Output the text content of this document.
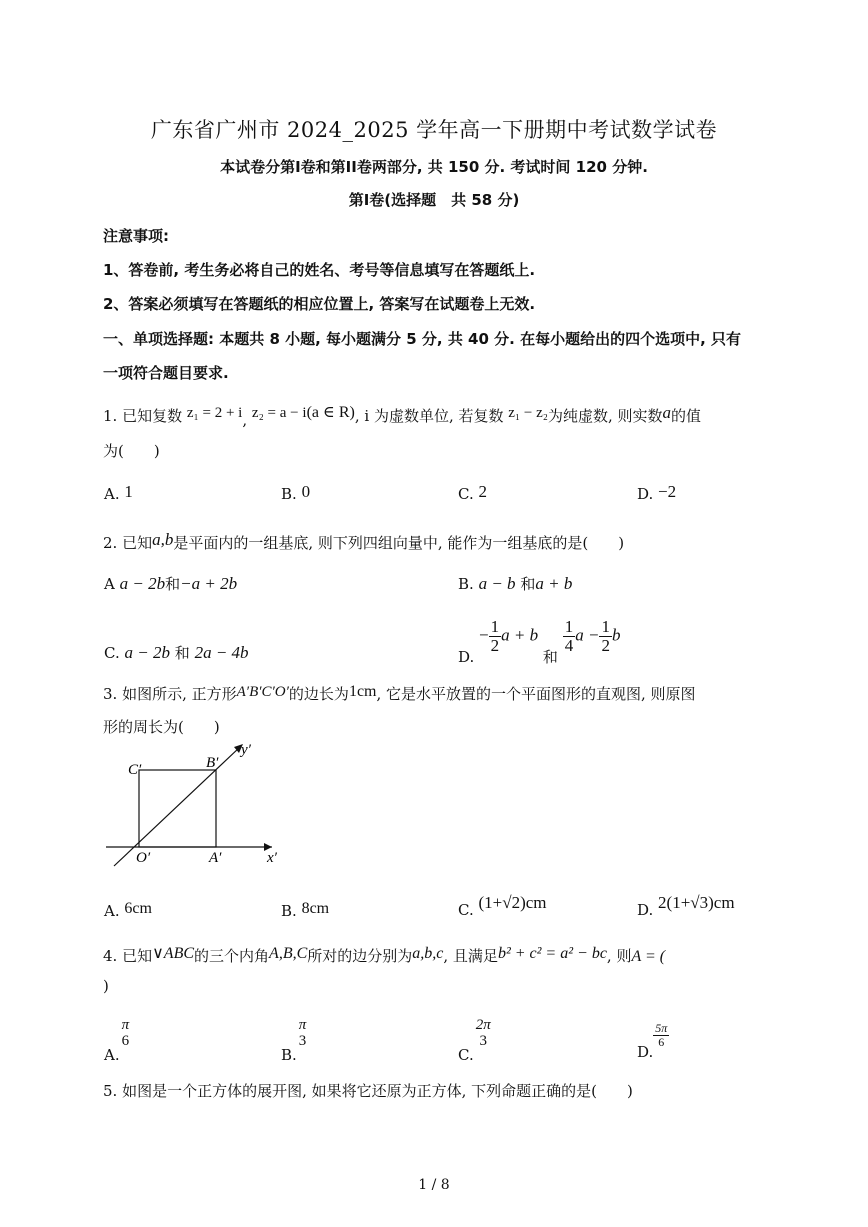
广东省广州市 2024_2025 学年高一下册期中考试数学试卷
本试卷分第I卷和第II卷两部分, 共 150 分. 考试时间 120 分钟.
第I卷(选择题　共 58 分)
注意事项:
1、答卷前, 考生务必将自己的姓名、考号等信息填写在答题纸上.
2、答案必须填写在答题纸的相应位置上, 答案写在试题卷上无效.
一、单项选择题: 本题共 8 小题, 每小题满分 5 分, 共 40 分. 在每小题给出的四个选项中, 只有
一项符合题目要求.
1. 已知复数 z₁ = 2 + i, z₂ = a − i(a ∈ R), i 为虚数单位, 若复数 z₁ − z₂为纯虚数, 则实数a的值
为(　　)
A. 1	B. 0	C. 2	D. −2
2. 已知a,b是平面内的一组基底, 则下列四组向量中, 能作为一组基底的是(　　)
A a − 2b和−a + 2b	B. a − b 和a + b
C. a − 2b 和 2a − 4b	D. − $\frac{1}{2}$ a + b 和
$\frac{1}{4}$ $a - \frac{1}{2}$ b
3. 如图所示, 正方形A′B′C′O′的边长为1cm, 它是水平放置的一个平面图形的直观图, 则原图
形的周长为(　　)
C′	B′
O′	A′	x′
y′
A. 6cm	B. 8cm	C. (1+√2)cm	D. 2(1+√3)cm
4. 已知∨ABC的三个内角A,B,C所对的边分别为a,b,c, 且满足b² + c² = a² − bc, 则A = (
)
A.
π
6
B.
π
3
C.
2π
3
D.
$\frac{5\pi}{6}$
5. 如图是一个正方体的展开图, 如果将它还原为正方体, 下列命题正确的是(　　)
1 / 8
